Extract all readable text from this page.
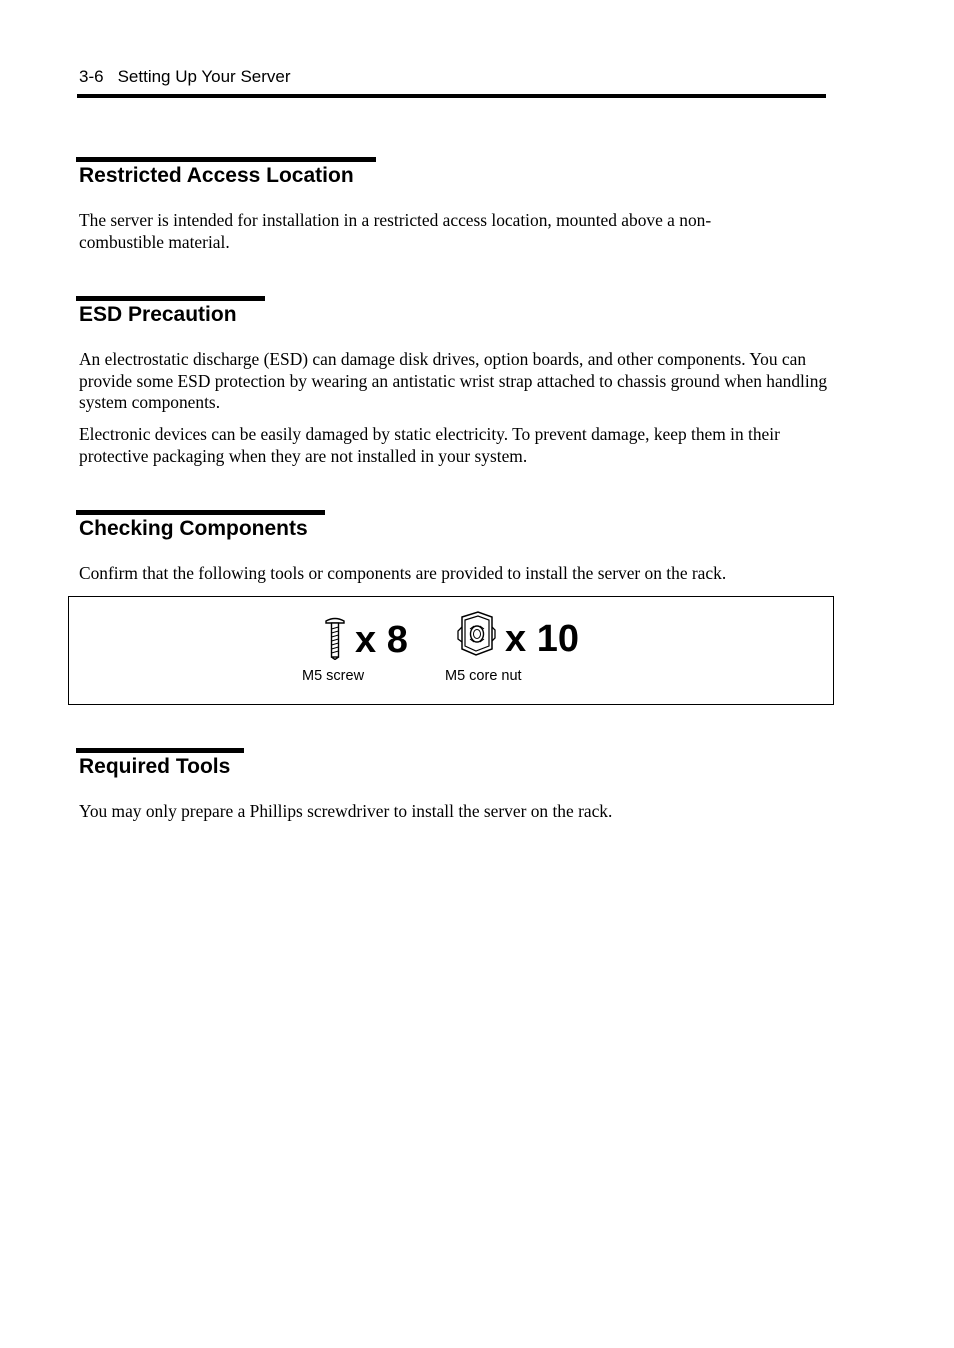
3-6 Setting Up Your Server
Restricted Access Location

The server is intended for installation in a restricted access location, mounted above a non-combustible material.

ESD Precaution

An electrostatic discharge (ESD) can damage disk drives, option boards, and other components. You can provide some ESD protection by wearing an antistatic wrist strap attached to chassis ground when handling system components.

Electronic devices can be easily damaged by static electricity. To prevent damage, keep them in their protective packaging when they are not installed in your system.

Checking Components

Confirm that the following tools or components are provided to install the server on the rack.

x 8
M5 screw
x 10
M5 core nut
Required Tools

You may only prepare a Phillips screwdriver to install the server on the rack.
